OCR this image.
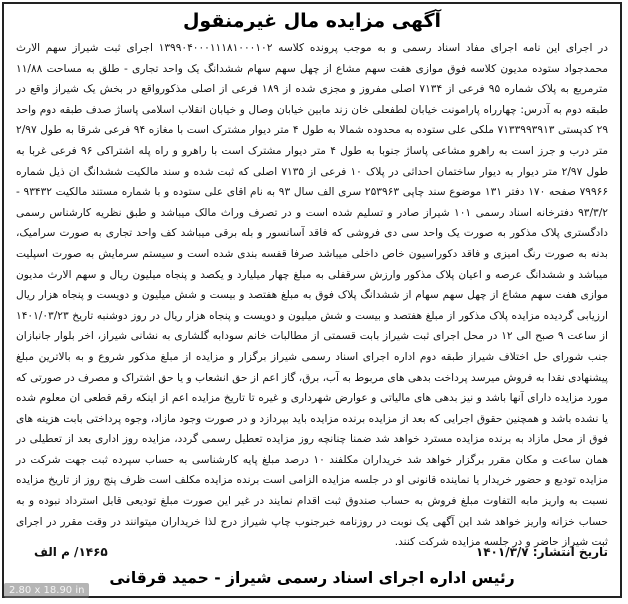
آگهی مزایده مال غیرمنقول
در اجرای این نامه اجرای مفاد اسناد رسمی و به موجب پرونده کلاسه ۱۳۹۹۰۴۰۰۰۱۱۱۸۱۰۰۰۱۰۲ اجرای ثبت شیراز سهم الارث محمدجواد ستوده مدیون کلاسه فوق موازی هفت سهم مشاع از چهل سهم سهام ششدانگ یک واحد تجاری - طلق به مساحت ۱۱/۸۸ مترمربع به پلاک شماره ۹۵ فرعی از ۷۱۳۴ اصلی مفروز و مجزی شده از ۱۸۹ فرعی از اصلی مذکورواقع در بخش یک شیراز واقع در طبقه دوم به آدرس: چهارراه پارامونت خیابان لطفعلی خان زند مابین خیابان وصال و خیابان انقلاب اسلامی پاساژ صدف طبقه دوم واحد ۲۹ کدپستی ۷۱۳۳۹۹۳۹۱۳ ملکی علی ستوده به محدوده شمالا به طول ۴ متر دیوار مشترک است با مغازه ۹۴ فرعی شرقا به طول ۲/۹۷ متر درب و جرز است به راهرو مشاعی پاساژ جنوبا به طول ۴ متر دیوار مشترک است با راهرو و راه پله اشتراکی ۹۶ فرعی غربا به طول ۲/۹۷ متر دیوار به دیوار ساختمان احداثی در پلاک ۱۰ فرعی از ۷۱۳۵ اصلی که ثبت شده و سند مالکیت ششدانگ ان ذیل شماره ۷۹۹۶۶ صفحه ۱۷۰ دفتر ۱۳۱ موضوع سند چاپی ۲۵۳۹۶۳ سری الف سال ۹۳ به نام اقای علی ستوده و با شماره مستند مالکیت ۹۳۴۳۲ - ۹۳/۳/۲ دفترخانه اسناد رسمی ۱۰۱ شیراز صادر و تسلیم شده است و در تصرف وراث مالک میباشد و طبق نظریه کارشناس رسمی دادگستری پلاک مذکور به صورت یک واحد سی دی فروشی که فاقد آسانسور و بله برقی میباشد کف واحد تجاری به صورت سرامیک، بدنه به صورت رنگ امیزی و فاقد دکوراسیون خاص داخلی میباشد صرفا قفسه بندی شده است و سیستم سرمایش به صورت اسپلیت میباشد و ششدانگ عرصه و اعیان پلاک مذکور وارزش سرقفلی به مبلغ چهار میلیارد و یکصد و پنجاه میلیون ریال و سهم الارث مدیون موازی هفت سهم مشاع از چهل سهم سهام از ششدانگ پلاک فوق به مبلغ هفتصد و بیست و شش میلیون و دویست و پنجاه هزار ریال ارزیابی گردیده مزایده پلاک مذکور از مبلغ هفتصد و بیست و شش میلیون و دویست و پنجاه هزار ریال در روز دوشنبه تاریخ ۱۴۰۱/۰۳/۲۳ از ساعت ۹ صبح الی ۱۲ در محل اجرای ثبت شیراز بابت قسمتی از مطالبات خانم سودابه گلشاری به نشانی شیراز، اخر بلوار جانبازان جنب شورای حل اختلاف شیراز طبقه دوم اداره اجرای اسناد رسمی شیراز برگزار و مزایده از مبلغ مذکور شروع و به بالاترین مبلغ پیشنهادی نقدا به فروش میرسد پرداخت بدهی های مربوط به آب، برق، گاز اعم از حق انشعاب و یا حق اشتراک و مصرف در صورتی که مورد مزایده دارای آنها باشد و نیز بدهی های مالیاتی و عوارض شهرداری و غیره تا تاریخ مزایده اعم از اینکه رقم قطعی ان معلوم شده یا نشده باشد و همچنین حقوق اجرایی که بعد از مزایده برنده مزایده باید بپردازد و در صورت وجود مازاد، وجوه پرداختی بابت هزینه های فوق از محل مازاد به برنده مزایده مسترد خواهد شد ضمنا چنانچه روز مزایده تعطیل رسمی گردد، مزایده روز اداری بعد از تعطیلی در همان ساعت و مکان مقرر برگزار خواهد شد خریداران مکلفند ۱۰ درصد مبلغ پایه کارشناسی به حساب سپرده ثبت جهت شرکت در مزایده تودیع و حضور خریدار یا نماینده قانونی او در جلسه مزایده الزامی است برنده مزایده مکلف است ظرف پنج روز از تاریخ مزایده نسبت به واریز مابه التفاوت مبلغ فروش به حساب صندوق ثبت اقدام نمایند در غیر این صورت مبلغ تودیعی قابل استرداد نبوده و به حساب خزانه واریز خواهد شد این آگهی یک نوبت در روزنامه خبرجنوب چاپ شیراز درج لذا خریداران میتوانند در وقت مقرر در اجرای ثبت شیراز حاضر و در جلسه مزایده شرکت کنند.
تاریخ انتشار: ۱۴۰۱/۳/۷
۱۴۶۵/ م الف
رئیس اداره اجرای اسناد رسمی شیراز - حمید قرقانی
2.80 x 18.90 in
